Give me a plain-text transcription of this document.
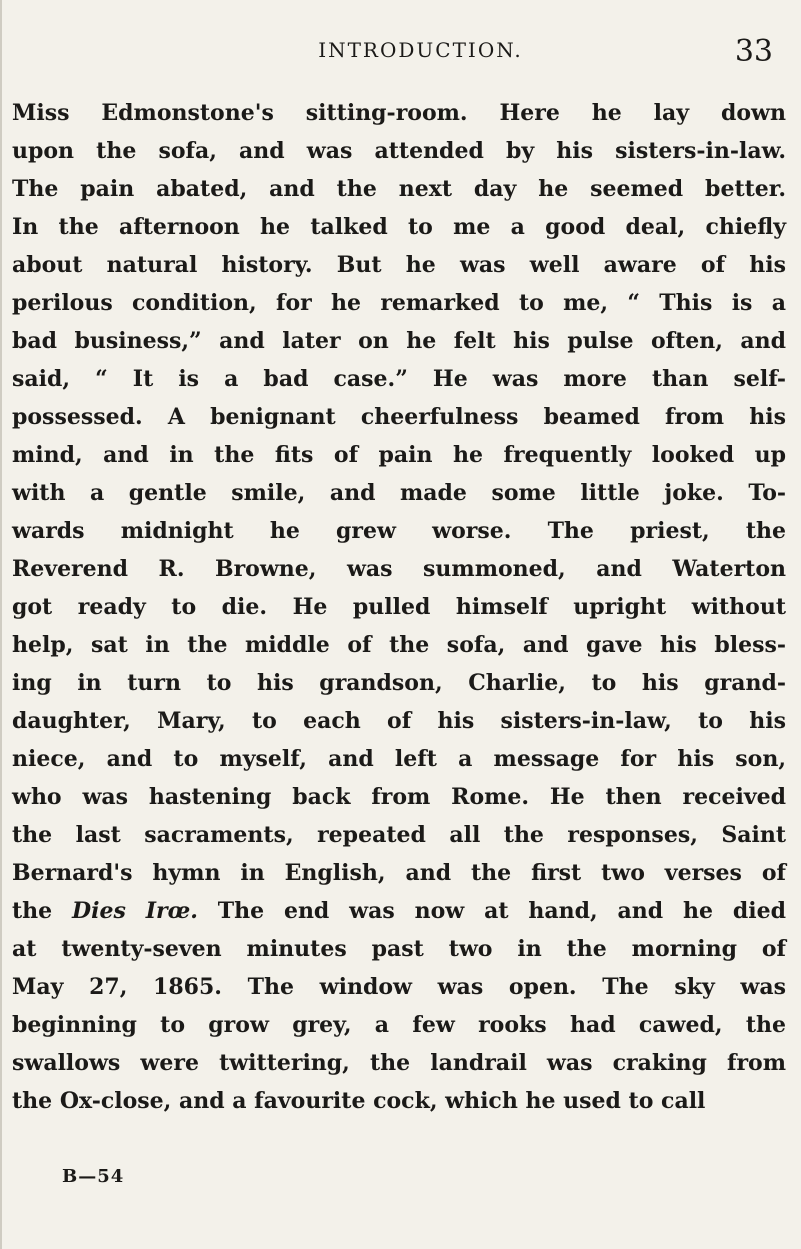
INTRODUCTION.	33
Miss Edmonstone's sitting-room. Here he lay down
upon the sofa, and was attended by his sisters-in-law.
The pain abated, and the next day he seemed better.
In the afternoon he talked to me a good deal, chiefly
about natural history. But he was well aware of his
perilous condition, for he remarked to me, “ This is a
bad business,” and later on he felt his pulse often, and
said, “ It is a bad case.” He was more than self-
possessed. A benignant cheerfulness beamed from his
mind, and in the fits of pain he frequently looked up
with a gentle smile, and made some little joke. To-
wards midnight he grew worse. The priest, the
Reverend R. Browne, was summoned, and Waterton
got ready to die. He pulled himself upright without
help, sat in the middle of the sofa, and gave his bless-
ing in turn to his grandson, Charlie, to his grand-
daughter, Mary, to each of his sisters-in-law, to his
niece, and to myself, and left a message for his son,
who was hastening back from Rome. He then received
the last sacraments, repeated all the responses, Saint
Bernard's hymn in English, and the first two verses of
the Dies Irœ. The end was now at hand, and he died
at twenty-seven minutes past two in the morning of
May 27, 1865. The window was open. The sky was
beginning to grow grey, a few rooks had cawed, the
swallows were twittering, the landrail was craking from
the Ox-close, and a favourite cock, which he used to call
B—54
